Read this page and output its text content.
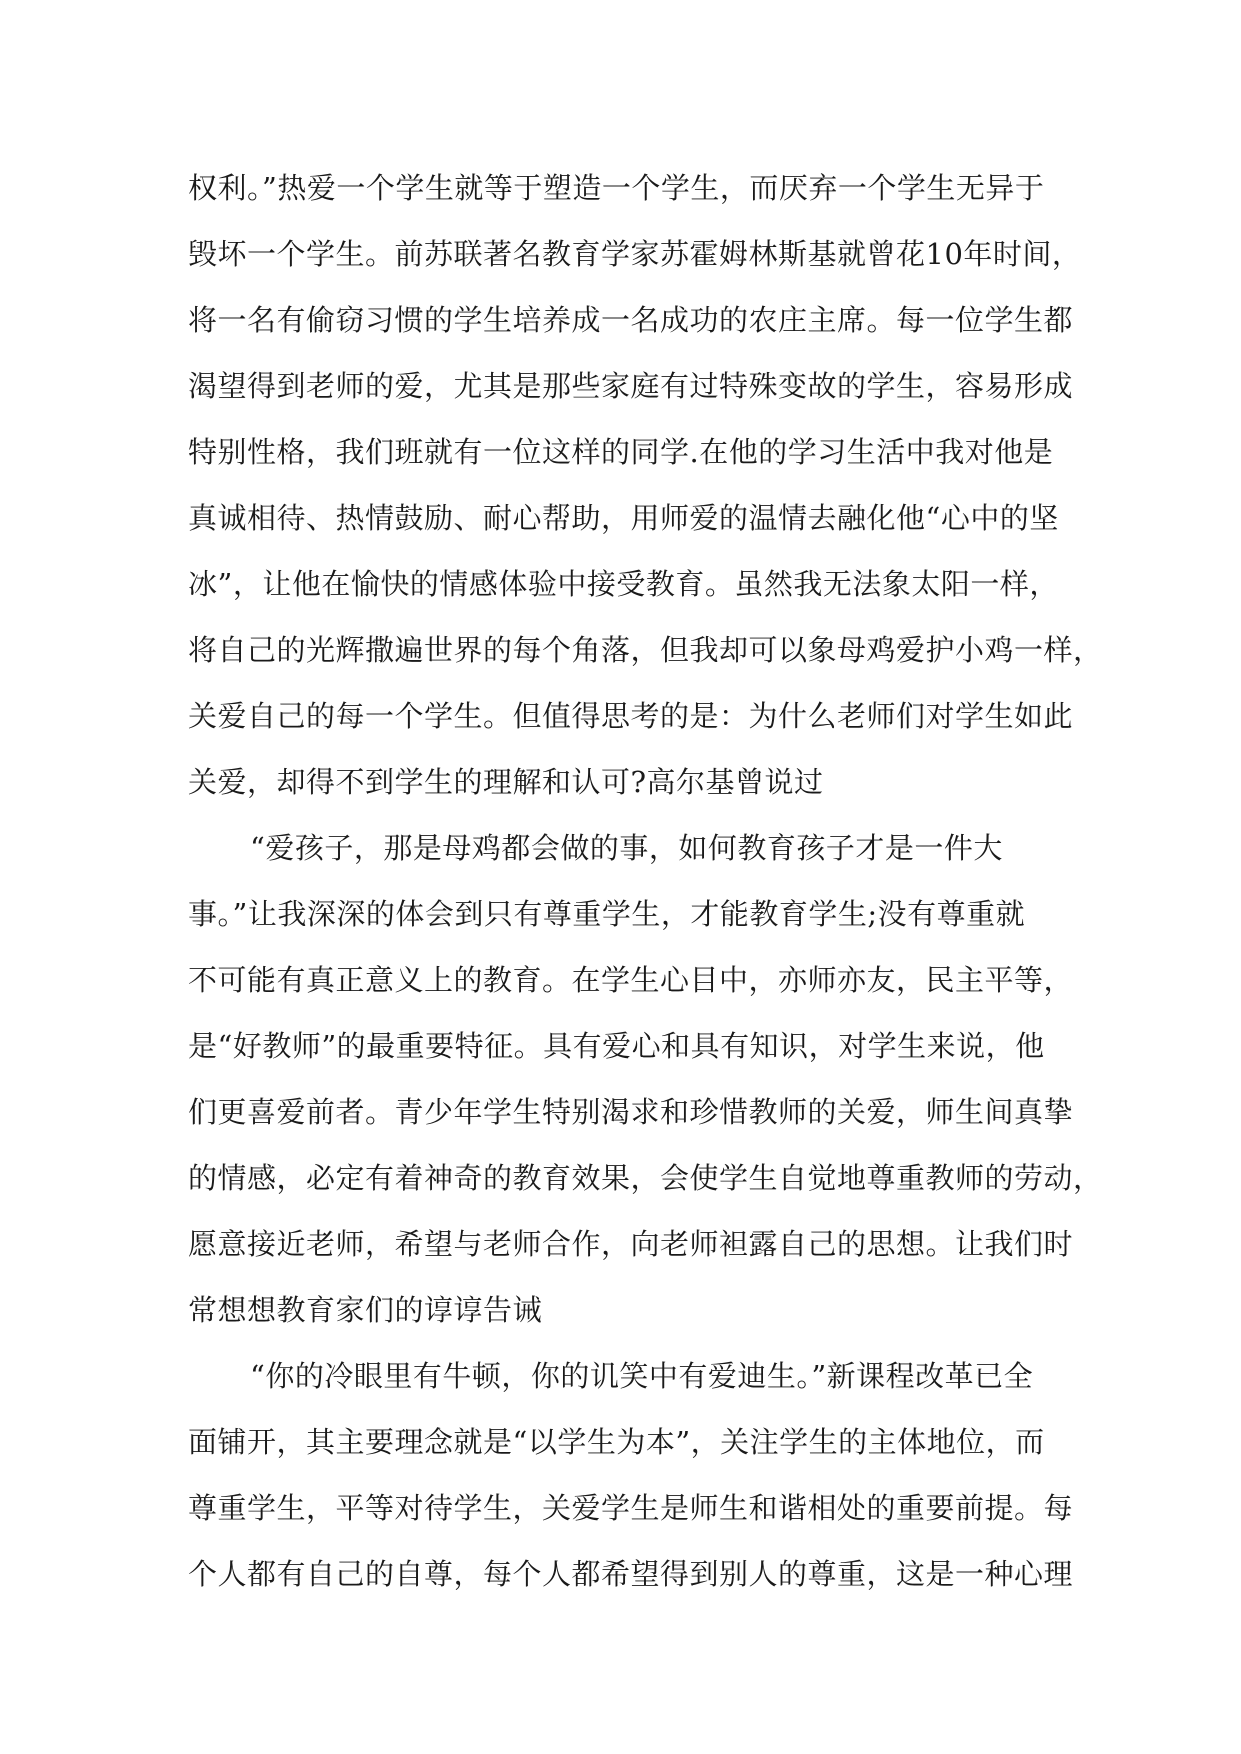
权利。”热爱一个学生就等于塑造一个学生，而厌弃一个学生无异于
毁坏一个学生。前苏联著名教育学家苏霍姆林斯基就曾花10年时间，
将一名有偷窃习惯的学生培养成一名成功的农庄主席。每一位学生都
渴望得到老师的爱，尤其是那些家庭有过特殊变故的学生，容易形成
特别性格，我们班就有一位这样的同学.在他的学习生活中我对他是
真诚相待、热情鼓励、耐心帮助，用师爱的温情去融化他“心中的坚
冰”，让他在愉快的情感体验中接受教育。虽然我无法象太阳一样，
将自己的光辉撒遍世界的每个角落，但我却可以象母鸡爱护小鸡一样，
关爱自己的每一个学生。但值得思考的是：为什么老师们对学生如此
关爱，却得不到学生的理解和认可?高尔基曾说过
“爱孩子，那是母鸡都会做的事，如何教育孩子才是一件大
事。”让我深深的体会到只有尊重学生，才能教育学生;没有尊重就
不可能有真正意义上的教育。在学生心目中，亦师亦友，民主平等，
是“好教师”的最重要特征。具有爱心和具有知识，对学生来说，他
们更喜爱前者。青少年学生特别渴求和珍惜教师的关爱，师生间真挚
的情感，必定有着神奇的教育效果，会使学生自觉地尊重教师的劳动，
愿意接近老师，希望与老师合作，向老师袒露自己的思想。让我们时
常想想教育家们的谆谆告诫
“你的冷眼里有牛顿，你的讥笑中有爱迪生。”新课程改革已全
面铺开，其主要理念就是“以学生为本”，关注学生的主体地位，而
尊重学生，平等对待学生，关爱学生是师生和谐相处的重要前提。每
个人都有自己的自尊，每个人都希望得到别人的尊重，这是一种心理
